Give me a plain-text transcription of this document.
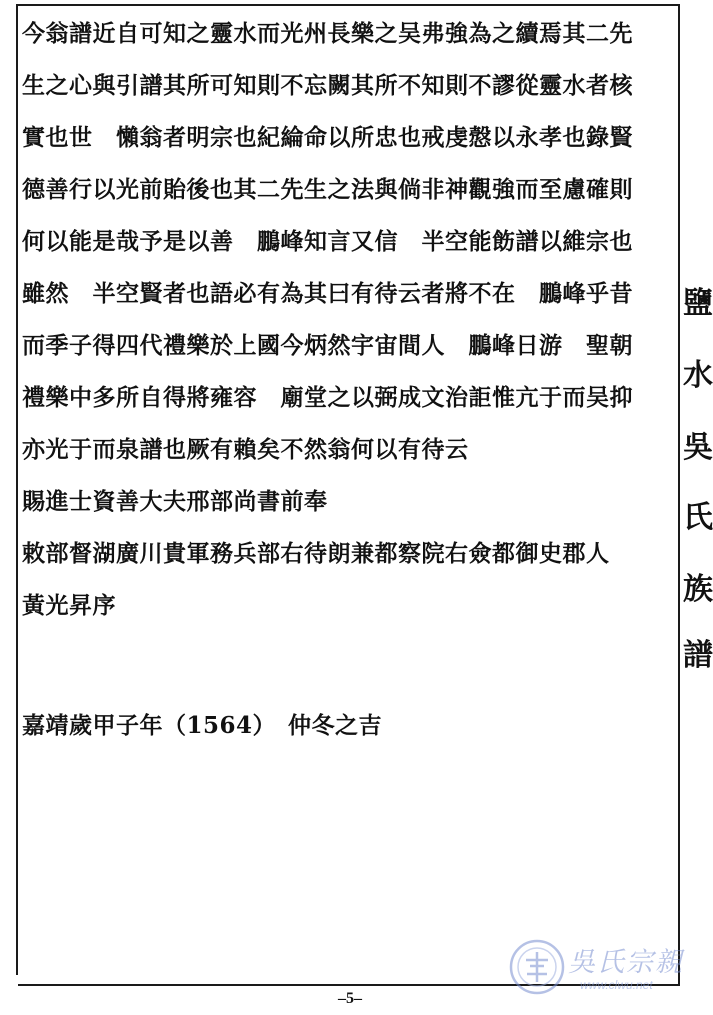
今翁譜近自可知之靈水而光州長樂之吴弗強為之續焉其二先
生之心與引譜其所可知則不忘闕其所不知則不謬從靈水者核
實也世　懶翁者明宗也紀綸命以所忠也戒虔慤以永孝也錄賢
德善行以光前貽後也其二先生之法與倘非神觀強而至慮確則
何以能是哉予是以善　鵬峰知言又信　半空能飭譜以維宗也
雖然　半空賢者也語必有為其曰有待云者將不在　鵬峰乎昔
而季子得四代禮樂於上國今炳然宇宙間人　鵬峰日游　聖朝
禮樂中多所自得將雍容　廟堂之以弼成文治詎惟亢于而吴抑
亦光于而泉譜也厥有賴矣不然翁何以有待云
賜進士資善大夫邢部尚書前奉
敕部督湖廣川貴軍務兵部右待朗兼都察院右僉都御史郡人
黃光昇序
嘉靖歲甲子年（1564）　仲冬之吉
鹽
水
吳
氏
族
譜
–5–
吳氏宗親
www.clwu.net
